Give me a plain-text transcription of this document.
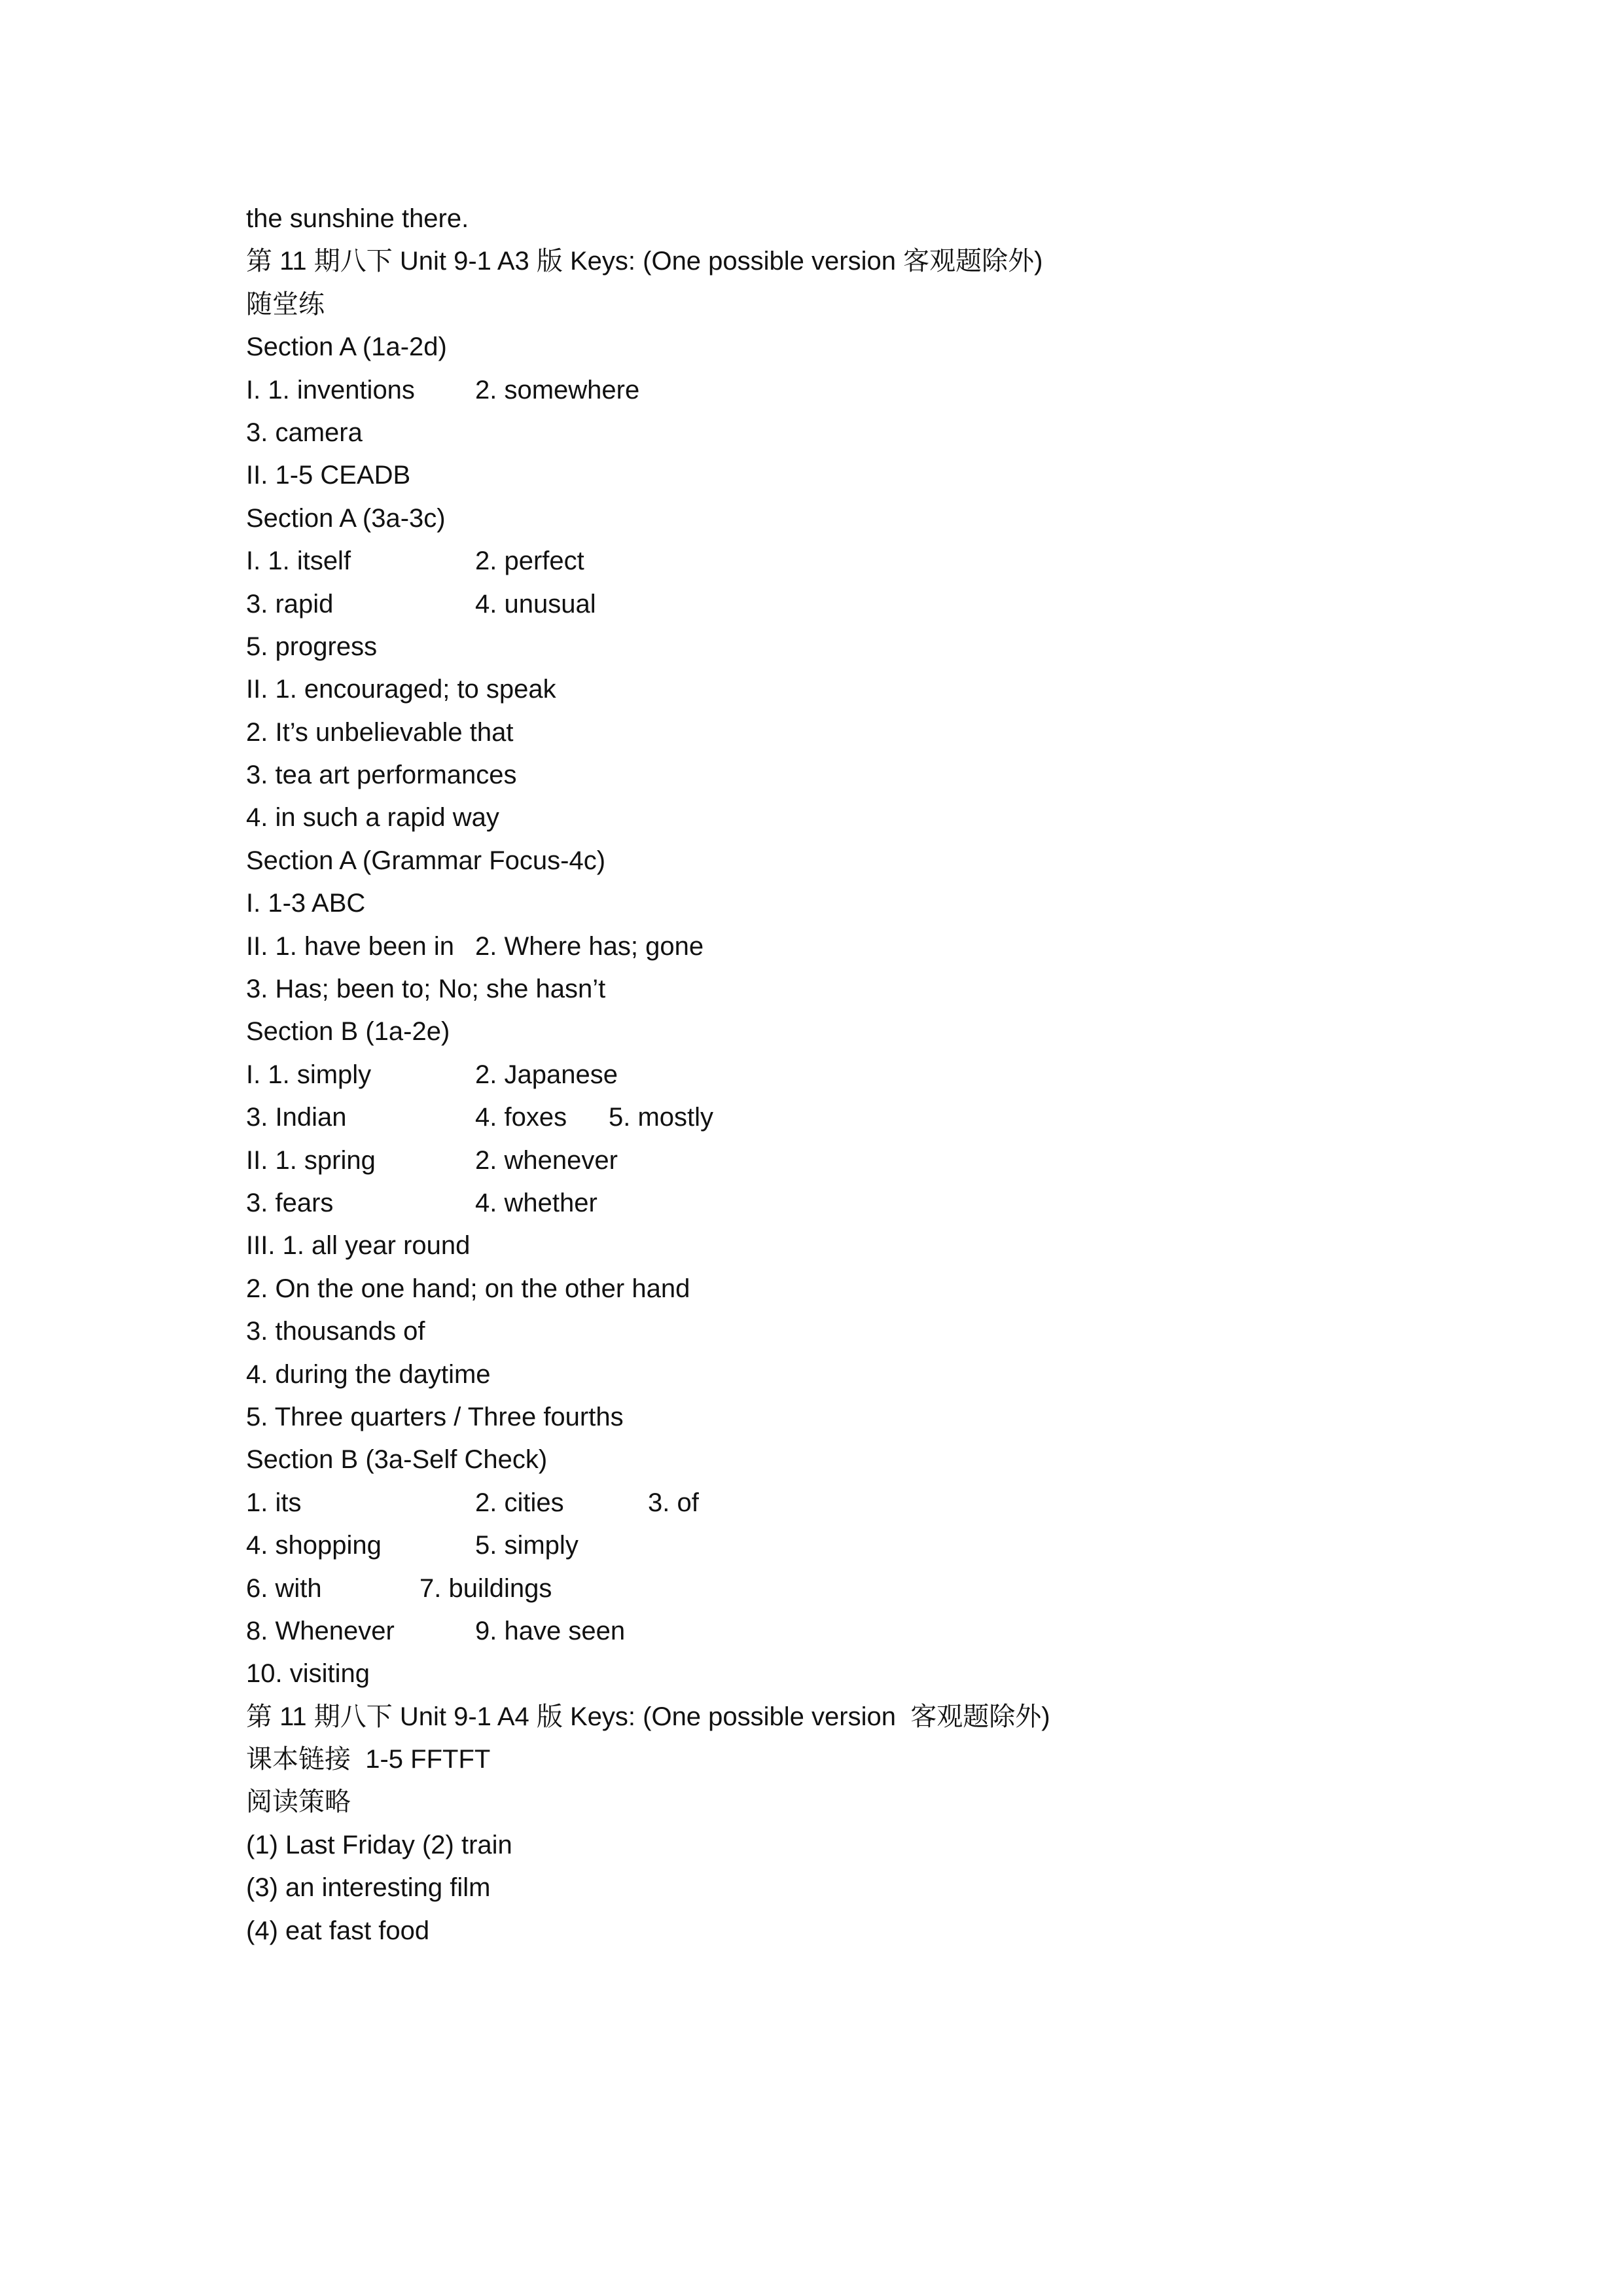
the sunshine there.
第 11 期八下 Unit 9-1 A3 版 Keys: (One possible version 客观题除外)
随堂练
Section A (1a-2d)
I. 1. inventions 2. somewhere
3. camera
II. 1-5 CEADB
Section A (3a-3c)
I. 1. itself	2. perfect
3. rapid	4. unusual
5. progress
II. 1. encouraged; to speak
2. It’s unbelievable that
3. tea art performances
4. in such a rapid way
Section A (Grammar Focus-4c)
I. 1-3 ABC
II. 1. have been in 2. Where has; gone
3. Has; been to; No; she hasn’t
Section B (1a-2e)
I. 1. simply	2. Japanese
3. Indian	4. foxes 5. mostly
II. 1. spring	2. whenever
3. fears	4. whether
III. 1. all year round
2. On the one hand; on the other hand
3. thousands of
4. during the daytime
5. Three quarters / Three fourths
Section B (3a-Self Check)
1. its	2. cities	3. of
4. shopping	5. simply
6. with	7. buildings
8. Whenever	9. have seen
10. visiting
第 11 期八下 Unit 9-1 A4 版 Keys: (One possible version  客观题除外)
课本链接  1-5 FFTFT
阅读策略
(1) Last Friday (2) train
(3) an interesting film
(4) eat fast food
